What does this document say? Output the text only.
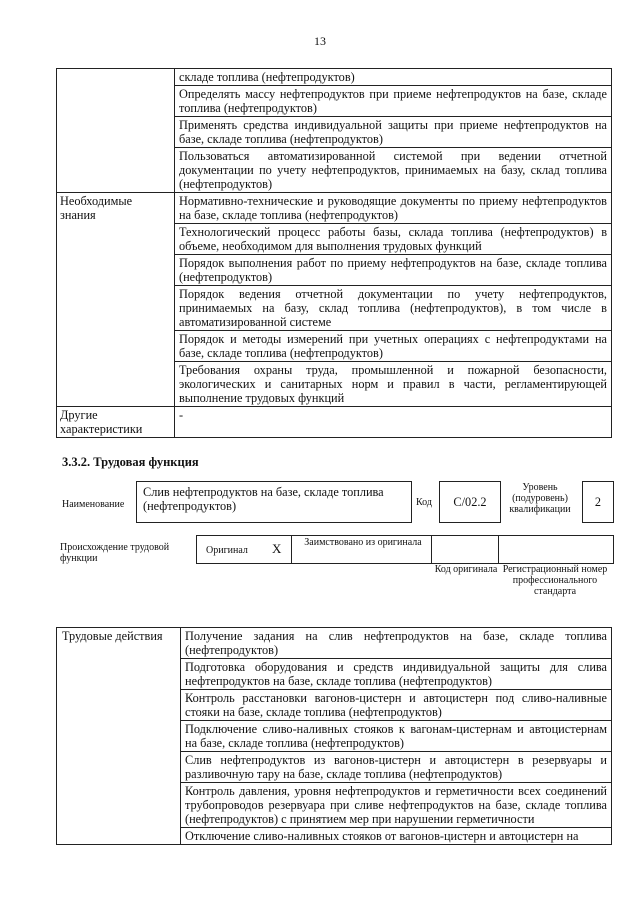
13
	складе топлива (нефтепродуктов)
	Определять массу нефтепродуктов при приеме нефтепродуктов на базе, складе топлива (нефтепродуктов)
	Применять средства индивидуальной защиты при приеме нефтепродуктов на базе, складе топлива (нефтепродуктов)
	Пользоваться автоматизированной системой при ведении отчетной документации по учету нефтепродуктов, принимаемых на базу, склад топлива (нефтепродуктов)
Необходимые знания	Нормативно-технические и руководящие документы по приему нефтепродуктов на базе, складе топлива (нефтепродуктов)
	Технологический процесс работы базы, склада топлива (нефтепродуктов) в объеме, необходимом для выполнения трудовых функций
	Порядок выполнения работ по приему нефтепродуктов на базе, складе топлива (нефтепродуктов)
	Порядок ведения отчетной документации по учету нефтепродуктов, принимаемых на базу, склад топлива (нефтепродуктов), в том числе в автоматизированной системе
	Порядок и методы измерений при учетных операциях с нефтепродуктами на базе, складе топлива (нефтепродуктов)
	Требования охраны труда, промышленной и пожарной безопасности, экологических и санитарных норм и правил в части, регламентирующей выполнение трудовых функций
Другие характеристики	-
3.3.2. Трудовая функция
Наименование
Слив нефтепродуктов на базе, складе топлива (нефтепродуктов)	Код	С/02.2
Уровень (подуровень) квалификации
2
Происхождение трудовой функции
Оригинал X	Заимствовано из оригинала
Код оригинала Регистрационный номер профессионального стандарта
Трудовые действия	Получение задания на слив нефтепродуктов на базе, складе топлива (нефтепродуктов)
Подготовка оборудования и средств индивидуальной защиты для слива нефтепродуктов на базе, складе топлива (нефтепродуктов)
Контроль расстановки вагонов-цистерн и автоцистерн под сливо-наливные стояки на базе, складе топлива (нефтепродуктов)
Подключение сливо-наливных стояков к вагонам-цистернам и автоцистернам на базе, складе топлива (нефтепродуктов)
Слив нефтепродуктов из вагонов-цистерн и автоцистерн в резервуары и разливочную тару на базе, складе топлива (нефтепродуктов)
Контроль давления, уровня нефтепродуктов и герметичности всех соединений трубопроводов резервуара при сливе нефтепродуктов на базе, складе топлива (нефтепродуктов) с принятием мер при нарушении герметичности
Отключение сливо-наливных стояков от вагонов-цистерн и автоцистерн на
